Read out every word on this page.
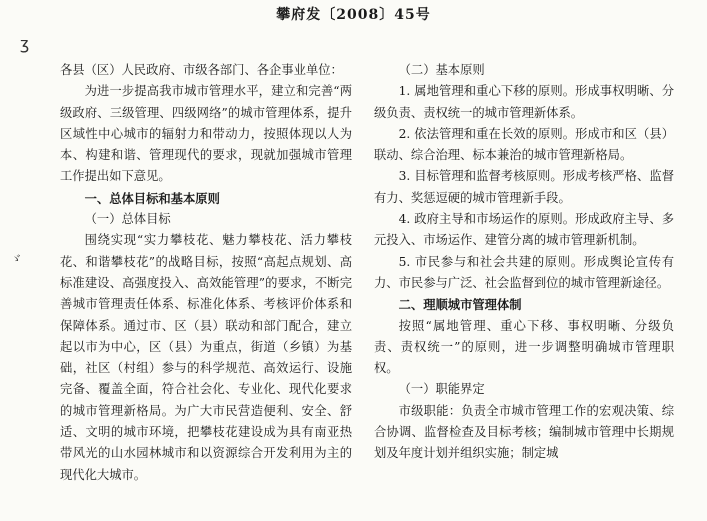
攀府发〔2008〕45号
ʒ
ゞ

各县（区）人民政府、市级各部门、各企事业单位：

为进一步提高我市城市管理水平，建立和完善“两级政府、三级管理、四级网络”的城市管理体系，提升区域性中心城市的辐射力和带动力，按照体现以人为本、构建和谐、管理现代的要求，现就加强城市管理工作提出如下意见。

一、总体目标和基本原则

（一）总体目标

围绕实现“实力攀枝花、魅力攀枝花、活力攀枝花、和谐攀枝花”的战略目标，按照“高起点规划、高标准建设、高强度投入、高效能管理”的要求，不断完善城市管理责任体系、标准化体系、考核评价体系和保障体系。通过市、区（县）联动和部门配合，建立起以市为中心，区（县）为重点，街道（乡镇）为基础，社区（村组）参与的科学规范、高效运行、设施完备、覆盖全面，符合社会化、专业化、现代化要求的城市管理新格局。为广大市民营造便利、安全、舒适、文明的城市环境，把攀枝花建设成为具有南亚热带风光的山水园林城市和以资源综合开发利用为主的现代化大城市。

（二）基本原则

1. 属地管理和重心下移的原则。形成事权明晰、分级负责、责权统一的城市管理新体系。

2. 依法管理和重在长效的原则。形成市和区（县）联动、综合治理、标本兼治的城市管理新格局。

3. 目标管理和监督考核原则。形成考核严格、监督有力、奖惩逗硬的城市管理新手段。

4. 政府主导和市场运作的原则。形成政府主导、多元投入、市场运作、建管分离的城市管理新机制。

5. 市民参与和社会共建的原则。形成舆论宣传有力、市民参与广泛、社会监督到位的城市管理新途径。

二、理顺城市管理体制

按照“属地管理、重心下移、事权明晰、分级负责、责权统一”的原则，进一步调整明确城市管理职权。

（一）职能界定

市级职能：负责全市城市管理工作的宏观决策、综合协调、监督检查及目标考核；编制城市管理中长期规划及年度计划并组织实施；制定城
